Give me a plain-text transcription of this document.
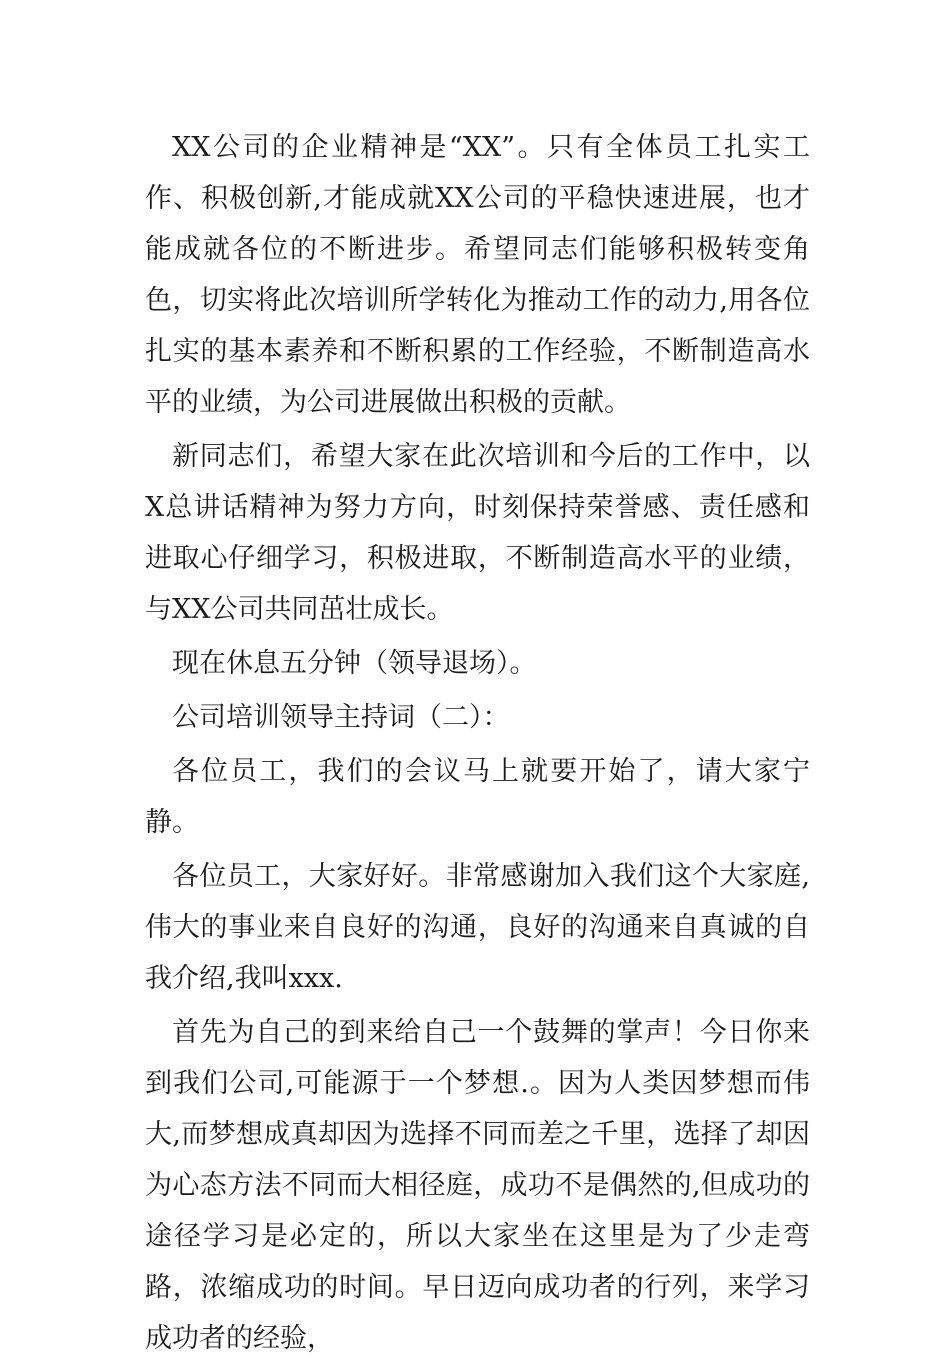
XX公司的企业精神是“XX”。只有全体员工扎实工作、积极创新,才能成就XX公司的平稳快速进展，也才能成就各位的不断进步。希望同志们能够积极转变角色，切实将此次培训所学转化为推动工作的动力,用各位扎实的基本素养和不断积累的工作经验，不断制造高水平的业绩，为公司进展做出积极的贡献。

新同志们，希望大家在此次培训和今后的工作中，以X总讲话精神为努力方向，时刻保持荣誉感、责任感和进取心仔细学习，积极进取，不断制造高水平的业绩，与XX公司共同茁壮成长。

现在休息五分钟（领导退场）。

公司培训领导主持词（二）：

各位员工，我们的会议马上就要开始了，请大家宁静。

各位员工，大家好好。非常感谢加入我们这个大家庭,伟大的事业来自良好的沟通，良好的沟通来自真诚的自我介绍,我叫xxx.

首先为自己的到来给自己一个鼓舞的掌声！今日你来到我们公司,可能源于一个梦想.。因为人类因梦想而伟大,而梦想成真却因为选择不同而差之千里，选择了却因为心态方法不同而大相径庭，成功不是偶然的,但成功的途径学习是必定的，所以大家坐在这里是为了少走弯路，浓缩成功的时间。早日迈向成功者的行列，来学习成功者的经验，
